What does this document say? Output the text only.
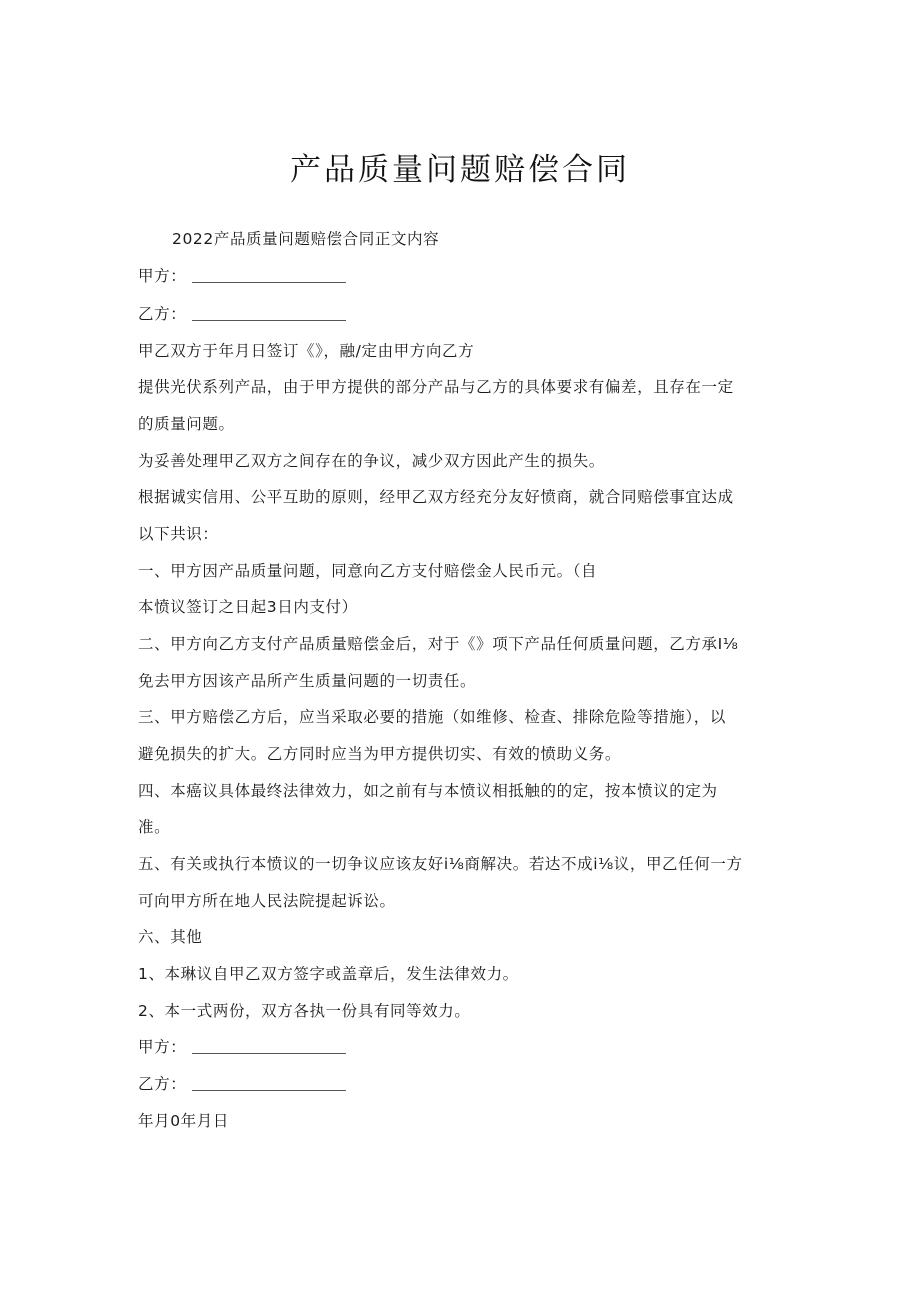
产品质量问题赔偿合同
2022产品质量问题赔偿合同正文内容
甲方：
乙方：
甲乙双方于年月日签订《》，融/定由甲方向乙方
提供光伏系列产品，由于甲方提供的部分产品与乙方的具体要求有偏差，且存在一定
的质量问题。
为妥善处理甲乙双方之间存在的争议，减少双方因此产生的损失。
根据诚实信用、公平互助的原则，经甲乙双方经充分友好愤商，就合同赔偿事宜达成
以下共识：
一、甲方因产品质量问题，同意向乙方支付赔偿金人民币元。（自
本愤议签订之日起3日内支付）
二、甲方向乙方支付产品质量赔偿金后，对于《》项下产品任何质量问题，乙方承I⅛
免去甲方因该产品所产生质量问题的一切责任。
三、甲方赔偿乙方后，应当采取必要的措施（如维修、检查、排除危险等措施），以
避免损失的扩大。乙方同时应当为甲方提供切实、有效的愤助义务。
四、本癌议具体最终法律效力，如之前有与本愤议相抵触的的定，按本愤议的定为
准。
五、有关或执行本愤议的一切争议应该友好i⅛商解决。若达不成i⅛议，甲乙任何一方
可向甲方所在地人民法院提起诉讼。
六、其他
1、本琳议自甲乙双方签字或盖章后，发生法律效力。
2、本一式两份，双方各执一份具有同等效力。
甲方：
乙方：
年月0年月日
